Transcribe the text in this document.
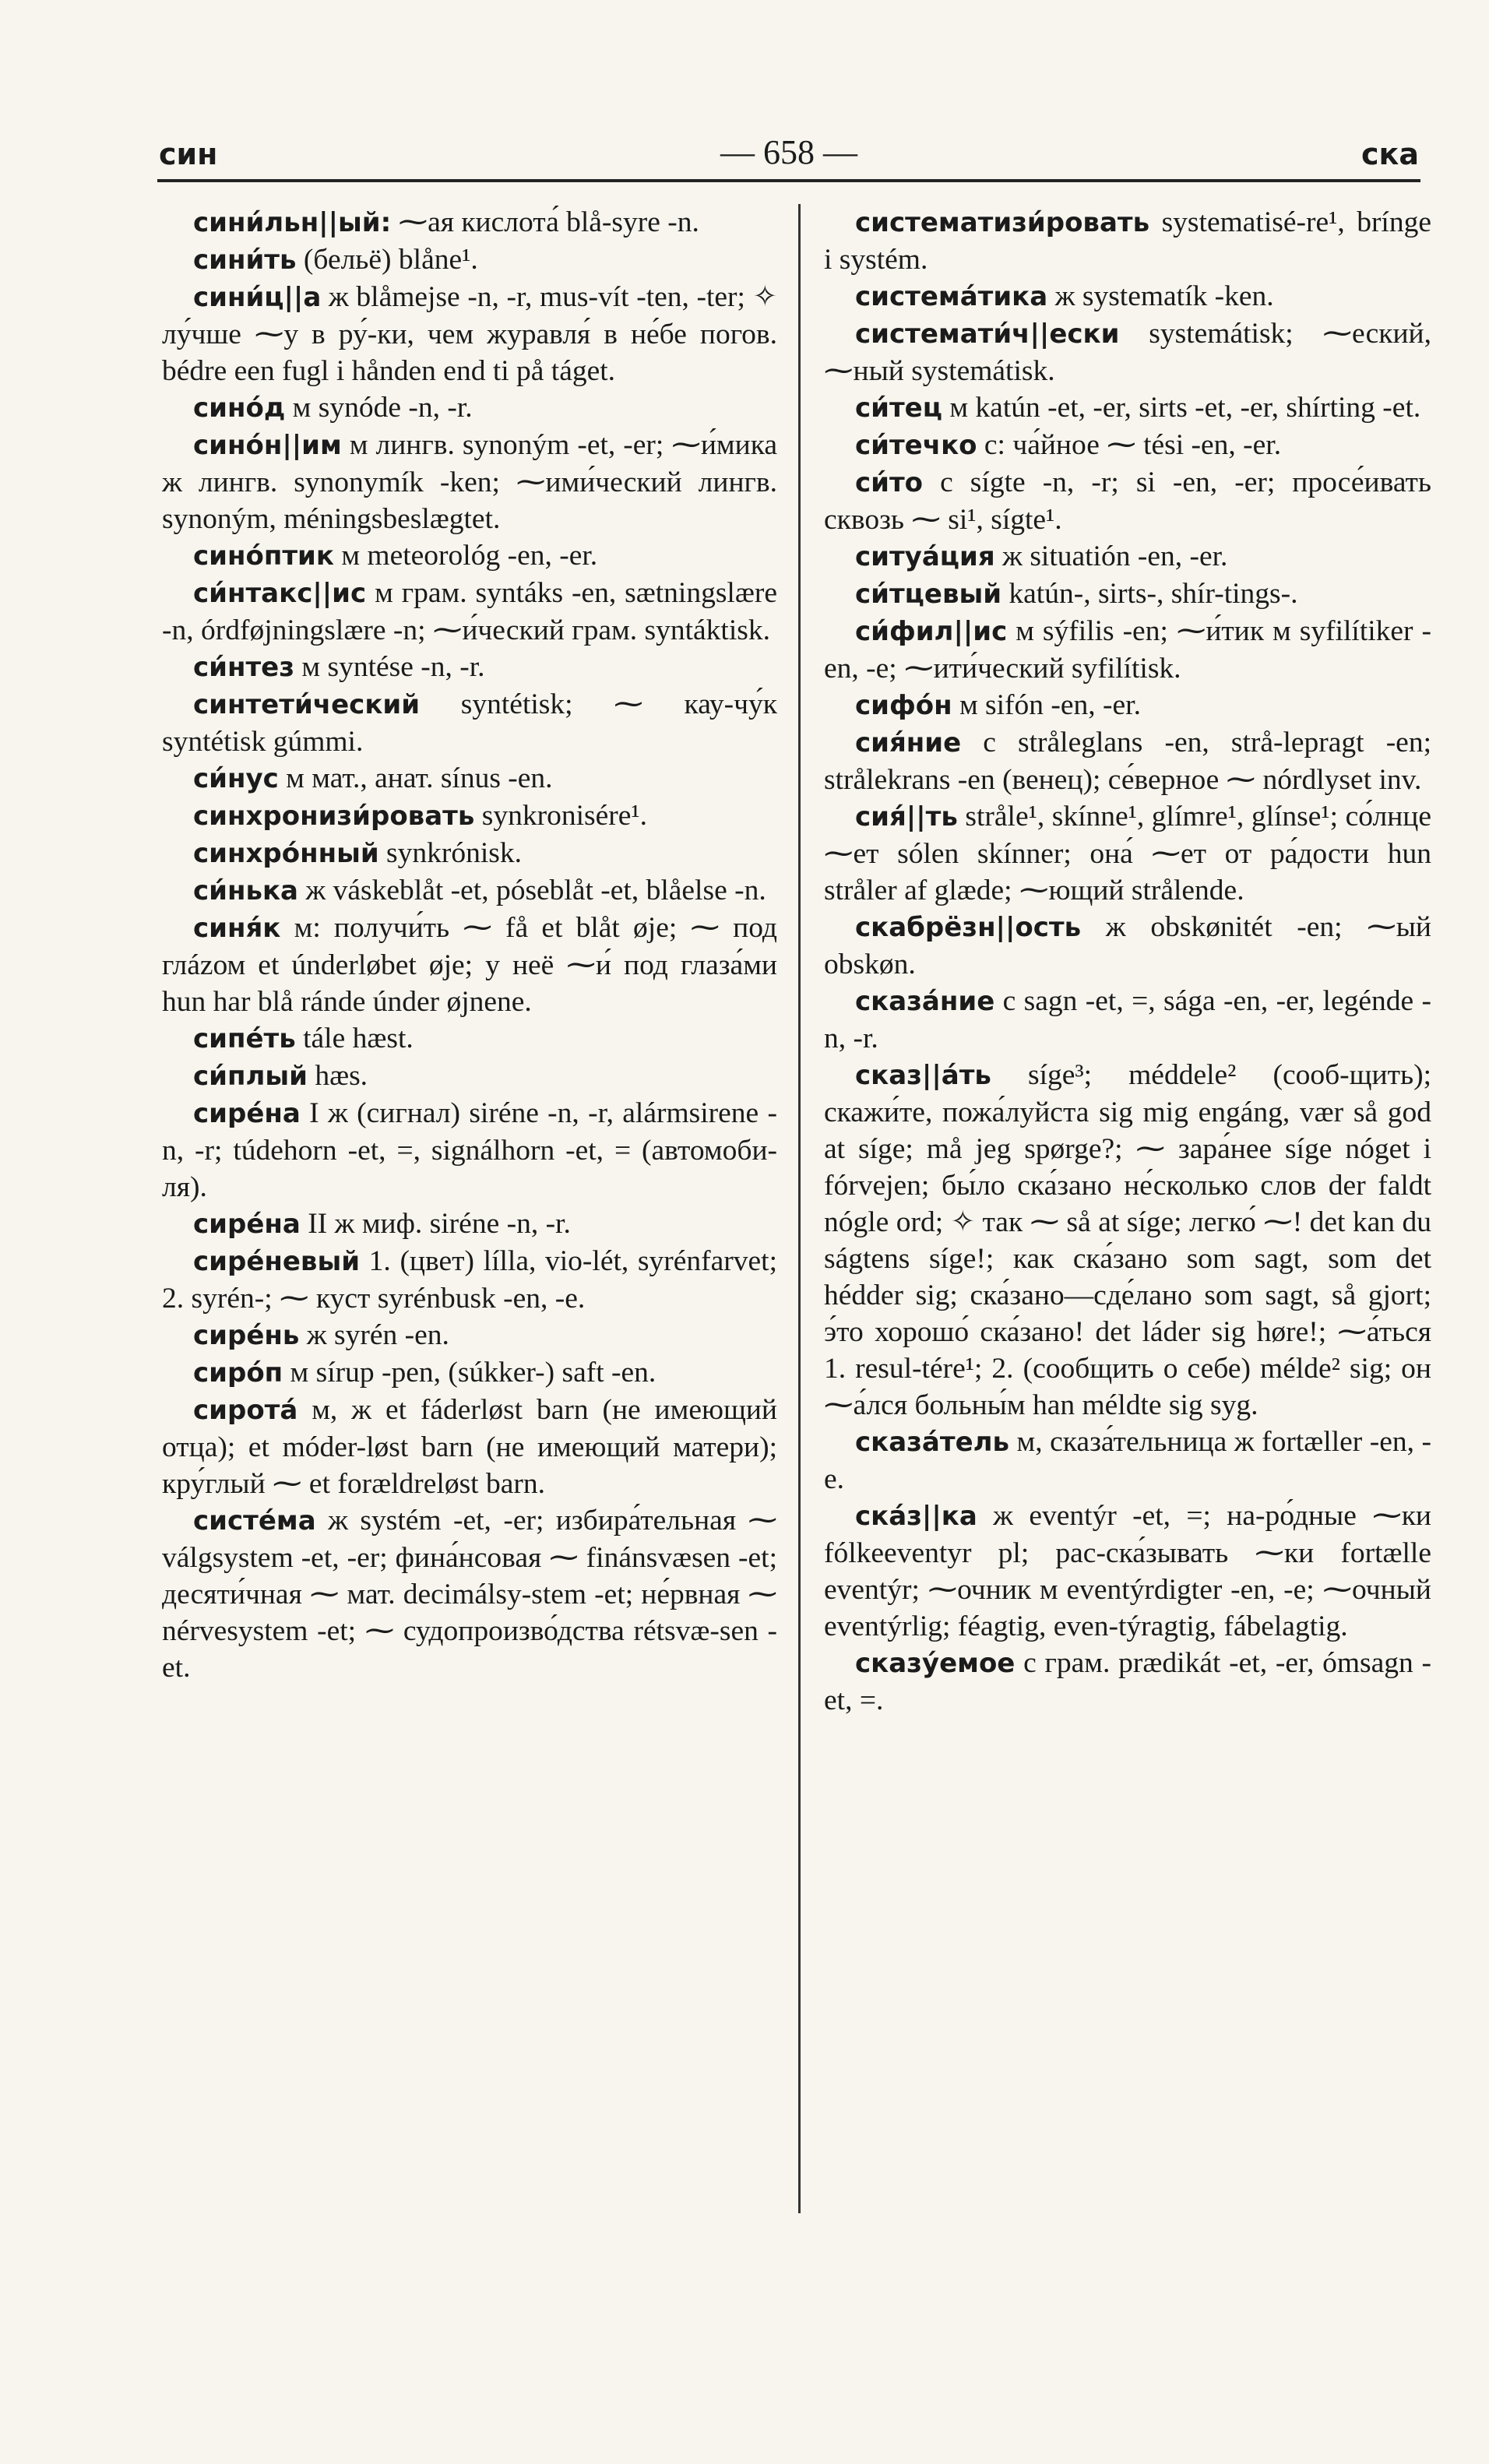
син	— 658 —	ска

сини́льн||ый: ⁓ая кислота́ blå-syre -n.

сини́ть (бельё) blåne¹.

сини́ц||а ж blåmejse -n, -r, mus-vít -ten, -ter; ✧ лу́чше ⁓у в ру́-ки, чем журавля́ в не́бе погов. bédre een fugl i hånden end ti på táget.

сино́д м synóde -n, -r.

сино́н||им м лингв. synoným -et, -er; ⁓и́мика ж лингв. synonymík -ken; ⁓ими́ческий лингв. synoným, méningsbeslægtet.

сино́птик м meteorológ -en, -er.

си́нтакс||ис м грам. syntáks -en, sætningslære -n, órdføjningslære -n; ⁓и́ческий грам. syntáktisk.

си́нтез м syntése -n, -r.

синтети́ческий syntétisk; ⁓ кау-чу́к syntétisk gúmmi.

си́нус м мат., анат. sínus -en.

синхронизи́ровать synkronisére¹.

синхро́нный synkrónisk.

си́нька ж váskeblåt -et, póseblåt -et, blåelse -n.

синя́к м: получи́ть ⁓ få et blåt øje; ⁓ под глázом et únderløbet øje; у неё ⁓и́ под глаза́ми hun har blå ránde únder øjnene.

сипе́ть tále hæst.

си́плый hæs.

сире́на I ж (сигнал) siréne -n, -r, alármsirene -n, -r; túdehorn -et, =, signálhorn -et, = (автомоби-ля).

сире́на II ж миф. siréne -n, -r.

сире́невый 1. (цвет) lílla, vio-lét, syrénfarvet; 2. syrén-; ⁓ куст syrénbusk -en, -e.

сире́нь ж syrén -en.

сиро́п м sírup -pen, (súkker-) saft -en.

сирота́ м, ж et fáderløst barn (не имеющий отца); et móder-løst barn (не имеющий матери); кру́глый ⁓ et forældreløst barn.

систе́ма ж systém -et, -er; избира́тельная ⁓ válgsystem -et, -er; фина́нсовая ⁓ finánsvæsen -et; десяти́чная ⁓ мат. decimálsy-stem -et; не́рвная ⁓ nérvesystem -et; ⁓ судопроизво́дства rétsvæ-sen -et.

систематизи́ровать systematisé-re¹, brínge i systém.

система́тика ж systematík -ken.

системати́ч||ески systemátisk; ⁓еский, ⁓ный systemátisk.

си́тец м katún -et, -er, sirts -et, -er, shírting -et.

си́течко с: ча́йное ⁓ tési -en, -er.

си́то с sígte -n, -r; si -en, -er; просе́ивать сквозь ⁓ si¹, sígte¹.

ситуа́ция ж situatión -en, -er.

си́тцевый katún-, sirts-, shír-tings-.

си́фил||ис м sýfilis -en; ⁓и́тик м syfilítiker -en, -e; ⁓ити́ческий syfilítisk.

сифо́н м sifón -en, -er.

сия́ние с stråleglans -en, strå-lepragt -en; strålekrans -en (венец); се́верное ⁓ nórdlyset inv.

сия́||ть stråle¹, skínne¹, glímre¹, glínse¹; со́лнце ⁓ет sólen skínner; она́ ⁓ет от ра́дости hun stråler af glæde; ⁓ющий strålende.

скабрёзн||ость ж obskønitét -en; ⁓ый obskøn.

сказа́ние с sagn -et, =, sága -en, -er, legénde -n, -r.

сказ||а́ть síge³; méddele² (сооб-щить); скажи́те, пожа́луйста sig mig engáng, vær så god at síge; må jeg spørge?; ⁓ зара́нее síge nóget i fórvejen; бы́ло ска́зано не́сколько слов der faldt nógle ord; ✧ так ⁓ så at síge; легко́ ⁓! det kan du ságtens síge!; как ска́зано som sagt, som det hédder sig; ска́зано—сде́лано som sagt, så gjort; э́то хорошо́ ска́зано! det láder sig høre!; ⁓а́ться 1. resul-tére¹; 2. (сообщить о себе) mélde² sig; он ⁓а́лся больны́м han méldte sig syg.

сказа́тель м, сказа́тельница ж fortæller -en, -e.

ска́з||ка ж eventýr -et, =; на-ро́дные ⁓ки fólkeeventyr pl; рас-ска́зывать ⁓ки fortælle eventýr; ⁓очник м eventýrdigter -en, -e; ⁓очный eventýrlig; féagtig, even-týragtig, fábelagtig.

сказу́емое с грам. prædikát -et, -er, ómsagn -et, =.
